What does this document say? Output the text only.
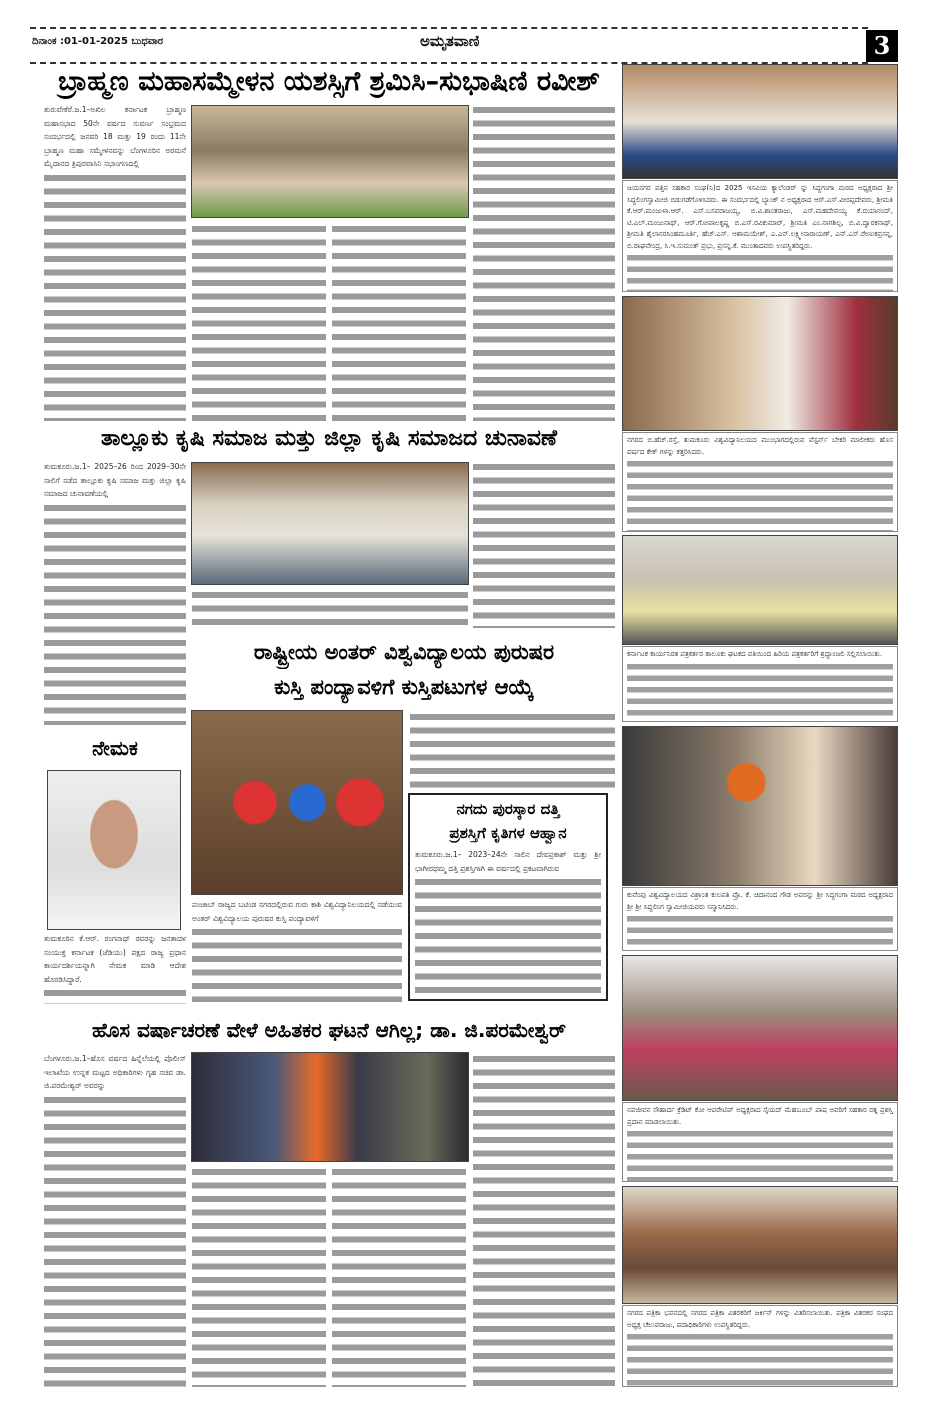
ದಿನಾಂಕ :01-01-2025 ಬುಧವಾರ	ಅಮೃತವಾಣಿ	3
ಬ್ರಾಹ್ಮಣ ಮಹಾಸಮ್ಮೇಳನ ಯಶಸ್ಸಿಗೆ ಶ್ರಮಿಸಿ–ಸುಭಾಷಿಣಿ ರವೀಶ್
ತುರುವೇಕೆರೆ.ಜ.1–ಅಖಿಲ ಕರ್ನಾಟಕ ಬ್ರಾಹ್ಮಣ ಮಹಾಸಭಾದ 50ನೇ ವರ್ಷದ ಸುವರ್ಣ ಸಂಭ್ರಮದ ಸಂದರ್ಭದಲ್ಲಿ ಜನವರಿ 18 ಮತ್ತು 19 ರಂದು 11ನೇ ಬ್ರಾಹ್ಮಣ ಮಹಾ ಸಮ್ಮೇಳನವನ್ನು ಬೆಂಗಳೂರಿನ ಅರಮನೆ ಮೈದಾನದ ತ್ರಿಪುರವಾಸಿನಿ ಸಭಾಂಗಣದಲ್ಲಿ
ತಾಲ್ಲೂಕು ಕೃಷಿ ಸಮಾಜ ಮತ್ತು ಜಿಲ್ಲಾ ಕೃಷಿ ಸಮಾಜದ ಚುನಾವಣೆ
ತುಮಕೂರು.ಜ.1– 2025–26 ರಿಂದ 2029–30ನೇ ಸಾಲಿಗೆ ನಡೆದ ತಾಲ್ಲೂಕು ಕೃಷಿ ಸಮಾಜ ಮತ್ತು ಜಿಲ್ಲಾ ಕೃಷಿ ಸಮಾಜದ ಚುನಾವಣೆಯಲ್ಲಿ
ರಾಷ್ಟ್ರೀಯ ಅಂತರ್ ವಿಶ್ವವಿದ್ಯಾಲಯ ಪುರುಷರ
ಕುಸ್ತಿ ಪಂದ್ಯಾವಳಿಗೆ ಕುಸ್ತಿಪಟುಗಳ ಆಯ್ಕೆ
ಪಂಜಾಬ್ ರಾಜ್ಯದ ಬಟಿಂಡ ನಗರದಲ್ಲಿರುವ ಗುರು ಕಾಶಿ ವಿಶ್ವವಿದ್ಯಾನಿಲಯದಲ್ಲಿ ನಡೆಯುವ ಅಂತರ್ ವಿಶ್ವವಿದ್ಯಾಲಯ ಪುರುಷರ ಕುಸ್ತಿ ಪಂದ್ಯಾವಳಿಗೆ
ನಗದು ಪುರಸ್ಕಾರ ದತ್ತಿ
ಪ್ರಶಸ್ತಿಗೆ ಕೃತಿಗಳ ಆಹ್ವಾನ
ತುಮಕೂರು.ಜ.1– 2023–24ನೇ ಸಾಲಿನ ದೇವಪ್ರಕಾಶ್ ಮತ್ತು ಶ್ರೀ ಭಾಗೀರಥಮ್ಮ ದತ್ತಿ ಪ್ರಶಸ್ತಿಗಾಗಿ ಈ ವರ್ಷದಲ್ಲಿ ಪ್ರಕಟವಾಗಿರುವ
ನೇಮಕ
ತುಮಕೂರಿನ ಕೆ.ಆರ್. ರಂಗನಾಥ್ ರವರನ್ನು ಜನತಾದಳ ಸಂಯುಕ್ತ ಕರ್ನಾಟಕ (ಜೆಡಿಯು) ಪಕ್ಷದ ರಾಜ್ಯ ಪ್ರಧಾನ ಕಾರ್ಯದರ್ಶಿಯನ್ನಾಗಿ ನೇಮಕ ಮಾಡಿ ಆದೇಶ ಹೊರಡಿಸಿದ್ದಾರೆ.
ಹೊಸ ವರ್ಷಾಚರಣೆ ವೇಳೆ ಅಹಿತಕರ ಘಟನೆ ಆಗಿಲ್ಲ; ಡಾ. ಜಿ.ಪರಮೇಶ್ವರ್
ಬೆಂಗಳೂರು.ಜ.1–ಹೊಸ ವರ್ಷದ ಹಿನ್ನೆಲೆಯಲ್ಲಿ ಪೊಲೀಸ್ ಇಲಾಖೆಯ ಉನ್ನತ ಮಟ್ಟದ ಅಧಿಕಾರಿಗಳು ಗೃಹ ಸಚಿವ ಡಾ. ಜಿ.ಪರಮೇಶ್ವರ್ ಅವರನ್ನು
ಜಯನಗರ ಪತ್ತಿನ ಸಹಕಾರ ಸಂಘ(ನಿ)ದ 2025 ಇಸವಿಯ ಕ್ಯಾಲೆಂಡರ್ ನ್ನು ಸಿದ್ಧಗಂಗಾ ಮಠದ ಅಧ್ಯಕ್ಷರಾದ ಶ್ರೀ ಸಿದ್ಧಲಿಂಗಸ್ವಾಮೀಜಿ ಬಿಡುಗಡೆಗೊಳಿಸಿದರು. ಈ ಸಂದರ್ಭದಲ್ಲಿ ಬ್ಯಾಂಕ್ ನ ಅಧ್ಯಕ್ಷರಾದ ಆರ್.ಎಸ್.ವೀರಪ್ಪದೇವರು, ಶ್ರೀಮತಿ ಕೆ.ಆರ್.ಮಂಜುಳಾ.ಆರ್. ಎಸ್.ಬಸವರಾಜಯ್ಯ, ಬಿ.ವಿ.ಶಾಂತರಾಜು, ಎಸ್.ಮಹದೇವಯ್ಯ ಕೆ.ದಯಾನಂದ್, ಟಿ.ಎಲ್.ಮಂಜುನಾಥ್, ಆರ್.ಗೋಪಾಲಕೃಷ್ಣ ಬಿ.ಎಸ್.ರವಿಕುಮಾರ್, ಶ್ರೀಮತಿ ಎಂ.ನಾಗಶಿಲ್ಪ, ಬಿ.ವಿ.ದ್ವಾರಕನಾಥ್, ಶ್ರೀಮತಿ ಶೈಲಾನರಸಿಂಹಮೂರ್ತಿ, ಹೆಚ್.ಎಸ್. ಆಶಾಮಯೇಶ್, ಎ.ಎನ್.ಲಕ್ಷ್ಮೀನಾರಾಯಣ್, ಎನ್.ಎಸ್.ರೇಣುಕಪ್ರಸನ್ನ, ಬಿ.ರಾಘವೇಂದ್ರ, ಸಿ.ಇ.ಸುಮಂತ್ ಪ್ರಭು, ಪ್ರಸನ್ನ.ಕೆ. ಮುಂತಾದವರು ಉಪಸ್ಥಿತರಿದ್ದರು.
ನಗರದ ಬಿ.ಹೆಚ್.ರಸ್ತೆ, ತುಮಕೂರು ವಿಶ್ವವಿದ್ಯಾನಿಲಯದ ಮುಂಭಾಗದಲ್ಲಿರುವ ವೆಸ್ಟರ್ನ್ ಬೇಕರಿ ಮಾಲೀಕರು ಹೊಸ ವರ್ಷದ ಕೇಕ್ ಗಳನ್ನು ಕತ್ತರಿಸಿದರು.
ಕರ್ನಾಟಕ ಕಾರ್ಯನಿರತ ಪತ್ರಕರ್ತರ ತಾಲೂಕು ಘಟಕದ ವತಿಯಿಂದ ಹಿರಿಯ ಪತ್ರಕರ್ತರಿಗೆ ಶ್ರದ್ಧಾಂಜಲಿ ಸಲ್ಲಿಸಲಾಯಿತು.
ಕುವೆಂಪು ವಿಶ್ವವಿದ್ಯಾಲಯದ ವಿಶ್ರಾಂತ ಕುಲಪತಿ ಪ್ರೊ. ಕೆ. ಚಿದಾನಂದ ಗೌಡ ಅವರನ್ನು ಶ್ರೀ ಸಿದ್ಧಗಂಗಾ ಮಠದ ಅಧ್ಯಕ್ಷರಾದ ಶ್ರೀ ಶ್ರೀ ಸಿದ್ಧಲಿಂಗ ಸ್ವಾಮೀಜಿಯವರು ಸನ್ಮಾನಿಸಿದರು.
ನವಜೀವನ ಸೌಹಾರ್ದ ಕ್ರೆಡಿಟ್ ಕೋ ಆಪರೇಟಿವ್ ಅಧ್ಯಕ್ಷರಾದ ಸೈಯದ್ ಮೆಹಬೂಬ್ ಪಾಷ ಅವರಿಗೆ ಸಹಕಾರ ರತ್ನ ಪ್ರಶಸ್ತಿ ಪ್ರದಾನ ಮಾಡಲಾಯಿತು.
ನಗರದ ಪತ್ರಿಕಾ ಭವನದಲ್ಲಿ ನಗರದ ಪತ್ರಿಕಾ ವಿತರಕರಿಗೆ ಜರ್ಕಿನ್ ಗಳನ್ನು ವಿತರಿಸಲಾಯಿತು. ಪತ್ರಿಕಾ ವಿತರಕರ ಸಂಘದ ಅಧ್ಯಕ್ಷ ಚೆಲುವರಾಜು, ಪದಾಧಿಕಾರಿಗಳು ಉಪಸ್ಥಿತರಿದ್ದರು.
